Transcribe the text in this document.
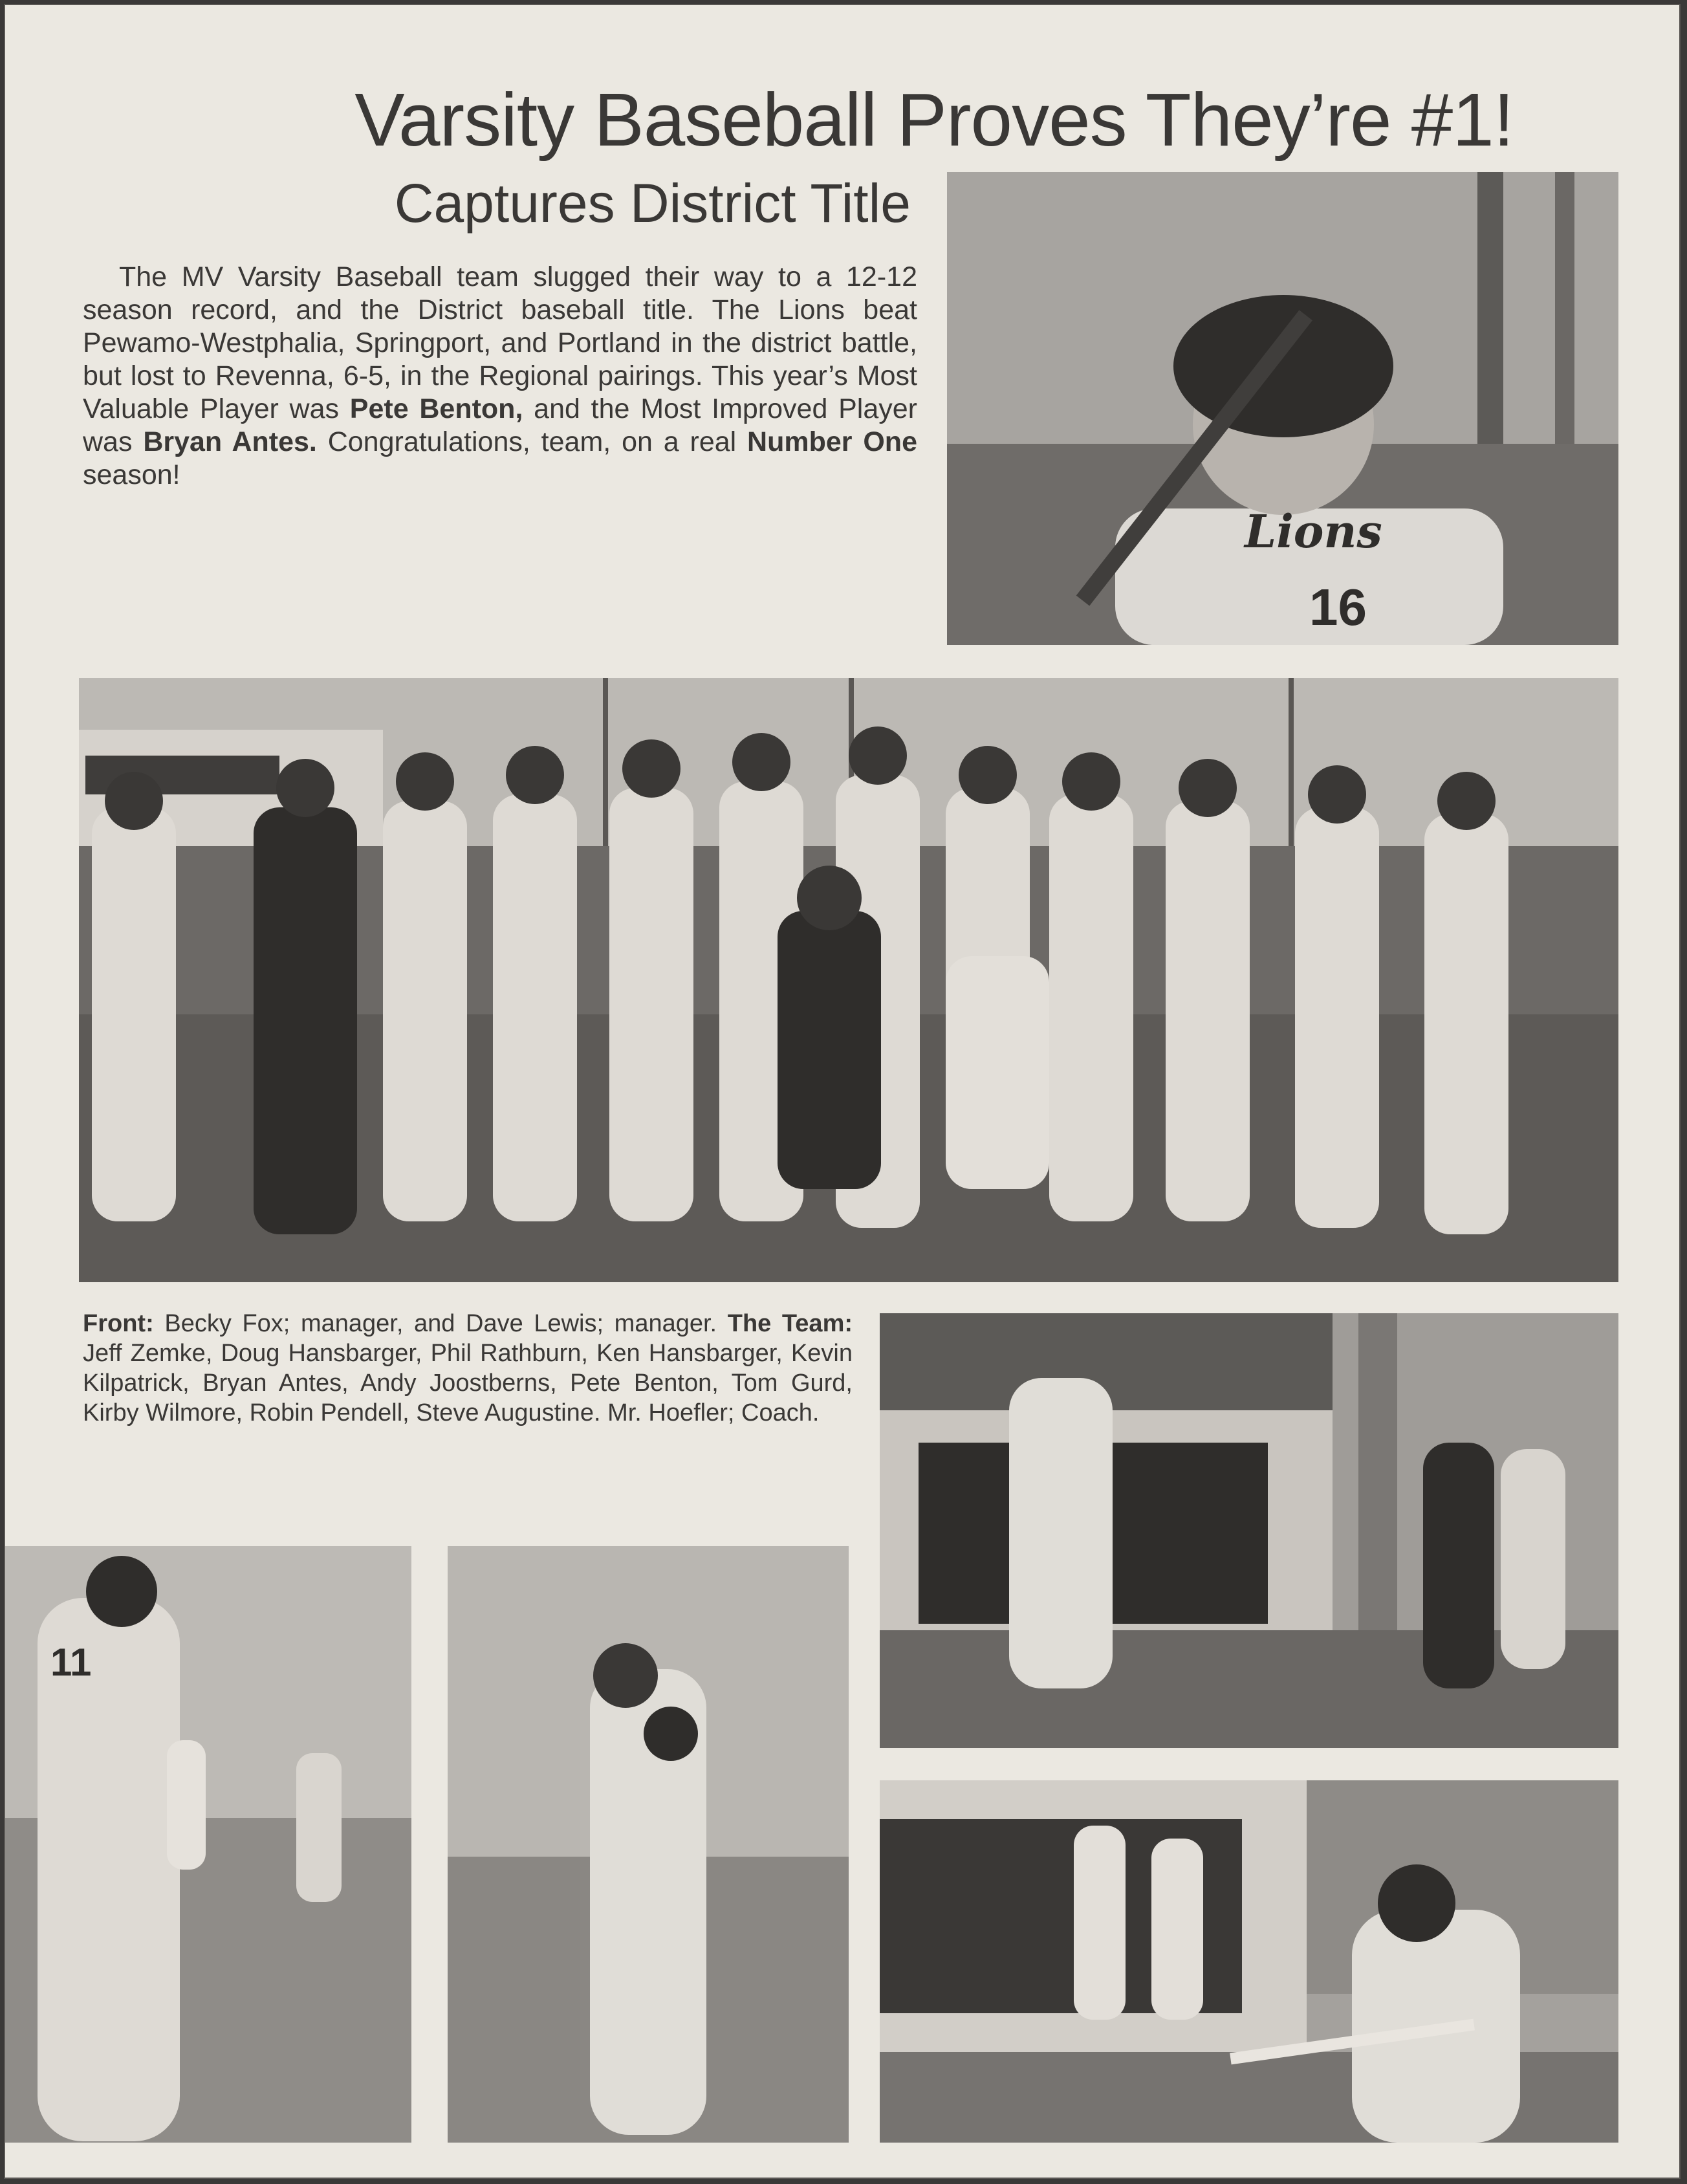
Varsity Baseball Proves They’re #1!
Captures District Title

The MV Varsity Baseball team slugged their way to a 12-12 season record, and the District baseball title. The Lions beat Pewamo-Westphalia, Springport, and Portland in the district battle, but lost to Revenna, 6-5, in the Regional pairings. This year’s Most Valuable Player was Pete Benton, and the Most Improved Player was Bryan Antes. Congratulations, team, on a real Number One season!

16
Lions

Front: Becky Fox; manager, and Dave Lewis; manager. The Team: Jeff Zemke, Doug Hansbarger, Phil Rathburn, Ken Hansbarger, Kevin Kilpatrick, Bryan Antes, Andy Joostberns, Pete Benton, Tom Gurd, Kirby Wilmore, Robin Pendell, Steve Augustine. Mr. Hoefler; Coach.

11
